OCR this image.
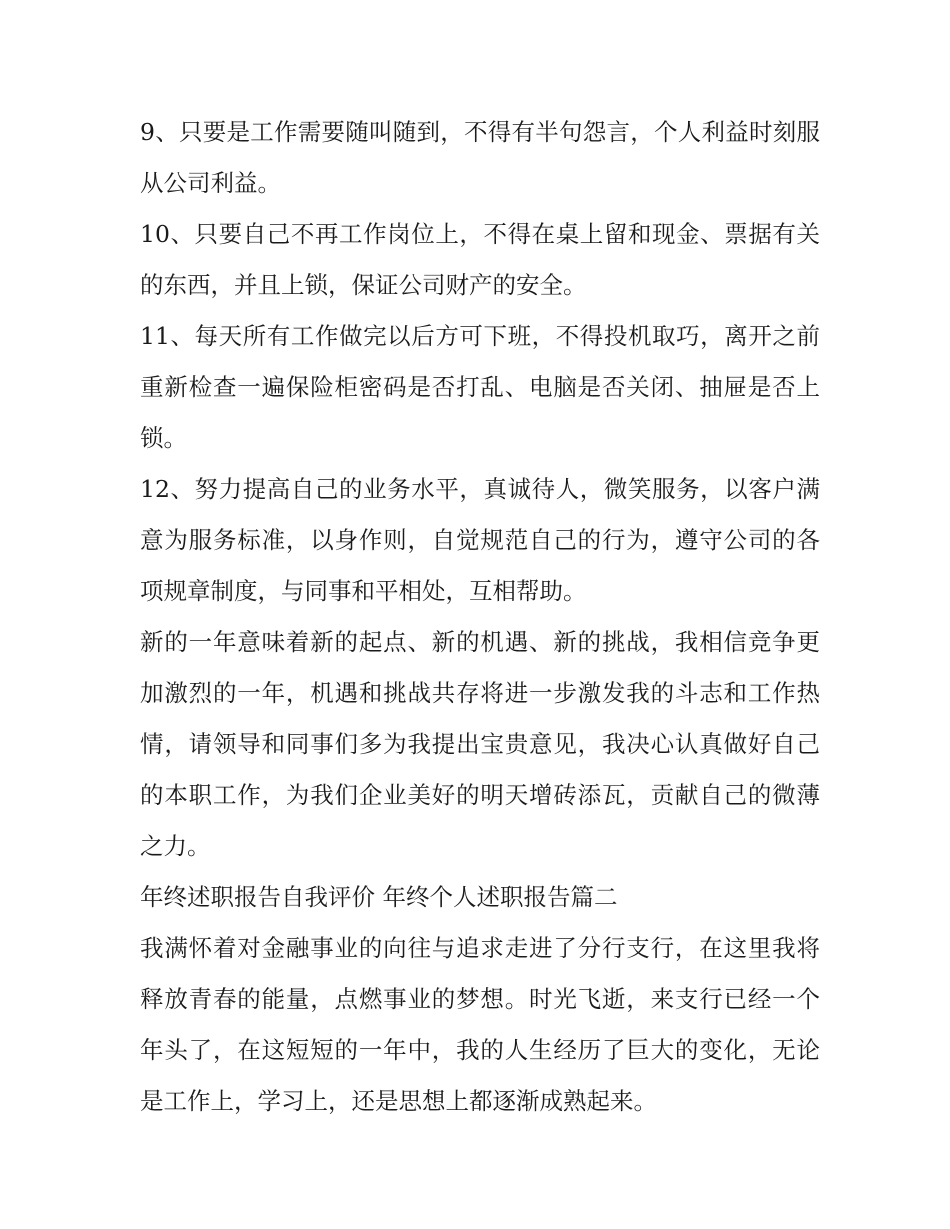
9、只要是工作需要随叫随到，不得有半句怨言，个人利益时刻服从公司利益。

10、只要自己不再工作岗位上，不得在桌上留和现金、票据有关的东西，并且上锁，保证公司财产的安全。

11、每天所有工作做完以后方可下班，不得投机取巧，离开之前重新检查一遍保险柜密码是否打乱、电脑是否关闭、抽屉是否上锁。

12、努力提高自己的业务水平，真诚待人，微笑服务，以客户满意为服务标准，以身作则，自觉规范自己的行为，遵守公司的各项规章制度，与同事和平相处，互相帮助。

新的一年意味着新的起点、新的机遇、新的挑战，我相信竞争更加激烈的一年，机遇和挑战共存将进一步激发我的斗志和工作热情，请领导和同事们多为我提出宝贵意见，我决心认真做好自己的本职工作，为我们企业美好的明天增砖添瓦，贡献自己的微薄之力。

年终述职报告自我评价 年终个人述职报告篇二

我满怀着对金融事业的向往与追求走进了分行支行，在这里我将释放青春的能量，点燃事业的梦想。时光飞逝，来支行已经一个年头了，在这短短的一年中，我的人生经历了巨大的变化，无论是工作上，学习上，还是思想上都逐渐成熟起来。
